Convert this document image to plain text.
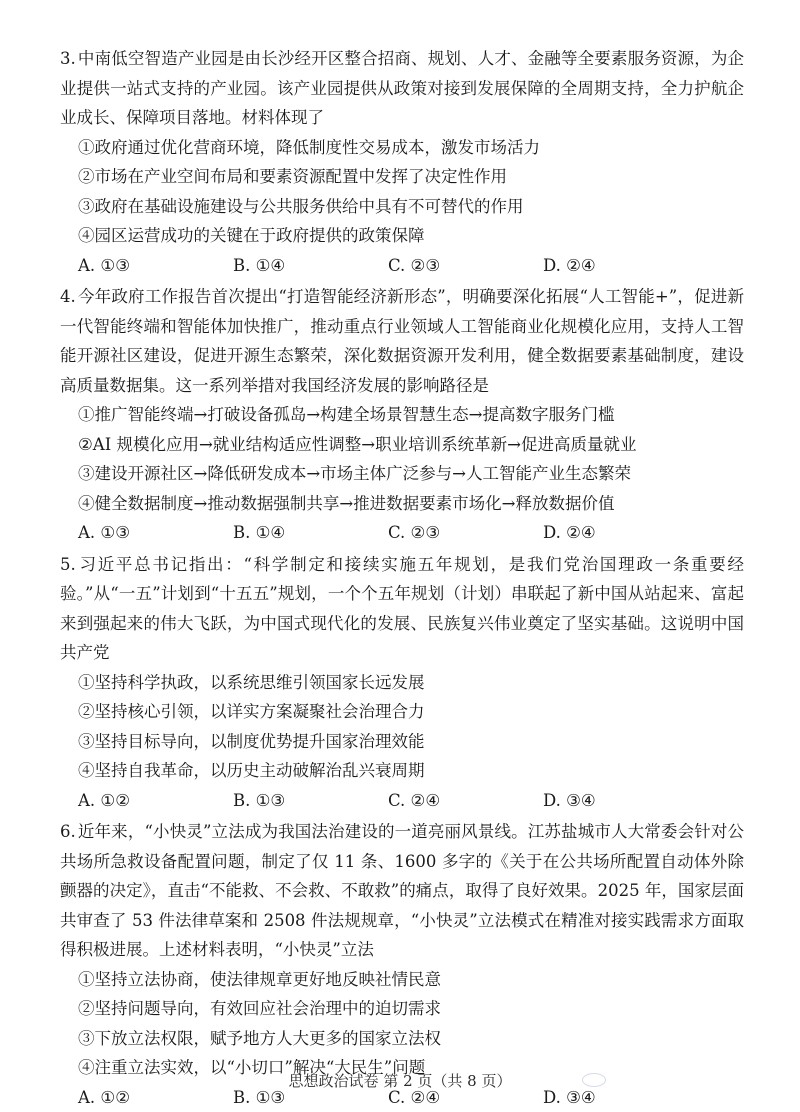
3. 中南低空智造产业园是由长沙经开区整合招商、规划、人才、金融等全要素服务资源，为企业提供一站式支持的产业园。该产业园提供从政策对接到发展保障的全周期支持，全力护航企业成长、保障项目落地。材料体现了
①政府通过优化营商环境，降低制度性交易成本，激发市场活力
②市场在产业空间布局和要素资源配置中发挥了决定性作用
③政府在基础设施建设与公共服务供给中具有不可替代的作用
④园区运营成功的关键在于政府提供的政策保障
A. ①③	B. ①④	C. ②③	D. ②④
4. 今年政府工作报告首次提出“打造智能经济新形态”，明确要深化拓展“人工智能+”，促进新一代智能终端和智能体加快推广，推动重点行业领域人工智能商业化规模化应用，支持人工智能开源社区建设，促进开源生态繁荣，深化数据资源开发利用，健全数据要素基础制度，建设高质量数据集。这一系列举措对我国经济发展的影响路径是
①推广智能终端→打破设备孤岛→构建全场景智慧生态→提高数字服务门槛
②AI 规模化应用→就业结构适应性调整→职业培训系统革新→促进高质量就业
③建设开源社区→降低研发成本→市场主体广泛参与→人工智能产业生态繁荣
④健全数据制度→推动数据强制共享→推进数据要素市场化→释放数据价值
A. ①③	B. ①④	C. ②③	D. ②④
5. 习近平总书记指出：“科学制定和接续实施五年规划，是我们党治国理政一条重要经验。”从“一五”计划到“十五五”规划，一个个五年规划（计划）串联起了新中国从站起来、富起来到强起来的伟大飞跃，为中国式现代化的发展、民族复兴伟业奠定了坚实基础。这说明中国共产党
①坚持科学执政，以系统思维引领国家长远发展
②坚持核心引领，以详实方案凝聚社会治理合力
③坚持目标导向，以制度优势提升国家治理效能
④坚持自我革命，以历史主动破解治乱兴衰周期
A. ①②	B. ①③	C. ②④	D. ③④
6. 近年来，“小快灵”立法成为我国法治建设的一道亮丽风景线。江苏盐城市人大常委会针对公共场所急救设备配置问题，制定了仅 11 条、1600 多字的《关于在公共场所配置自动体外除颤器的决定》，直击“不能救、不会救、不敢救”的痛点，取得了良好效果。2025 年，国家层面共审查了 53 件法律草案和 2508 件法规规章，“小快灵”立法模式在精准对接实践需求方面取得积极进展。上述材料表明，“小快灵”立法
①坚持立法协商，使法律规章更好地反映社情民意
②坚持问题导向，有效回应社会治理中的迫切需求
③下放立法权限，赋予地方人大更多的国家立法权
④注重立法实效，以“小切口”解决“大民生”问题
A. ①②	B. ①③	C. ②④	D. ③④
思想政治试卷 第 2 页（共 8 页）
